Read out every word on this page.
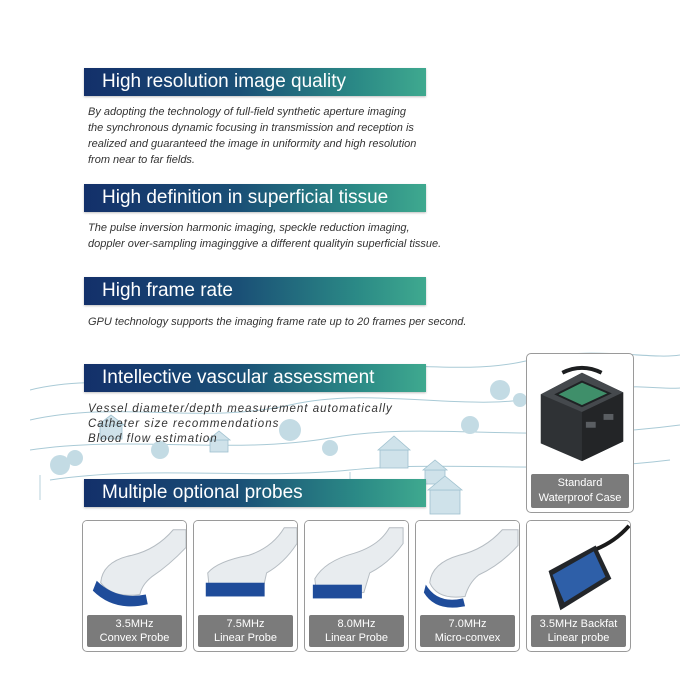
High resolution image quality

By adopting the technology of full-field synthetic aperture imaging

the synchronous dynamic focusing in transmission and reception is

realized and guaranteed the image in uniformity and high resolution

from near to far fields.

High definition in superficial tissue

The pulse inversion harmonic imaging, speckle reduction imaging,

doppler over-sampling imaginggive a different qualityin superficial tissue.

High frame rate

GPU technology supports the imaging frame rate up to 20 frames per second.

Intellective vascular assessment

Vessel diameter/depth measurement automatically

Catheter size recommendations

Blood flow estimation

Multiple optional probes	Standard
Waterproof Case
3.5MHz
Convex Probe
7.5MHz
Linear Probe
8.0MHz
Linear Probe
7.0MHz
Micro-convex
3.5MHz Backfat
Linear probe
